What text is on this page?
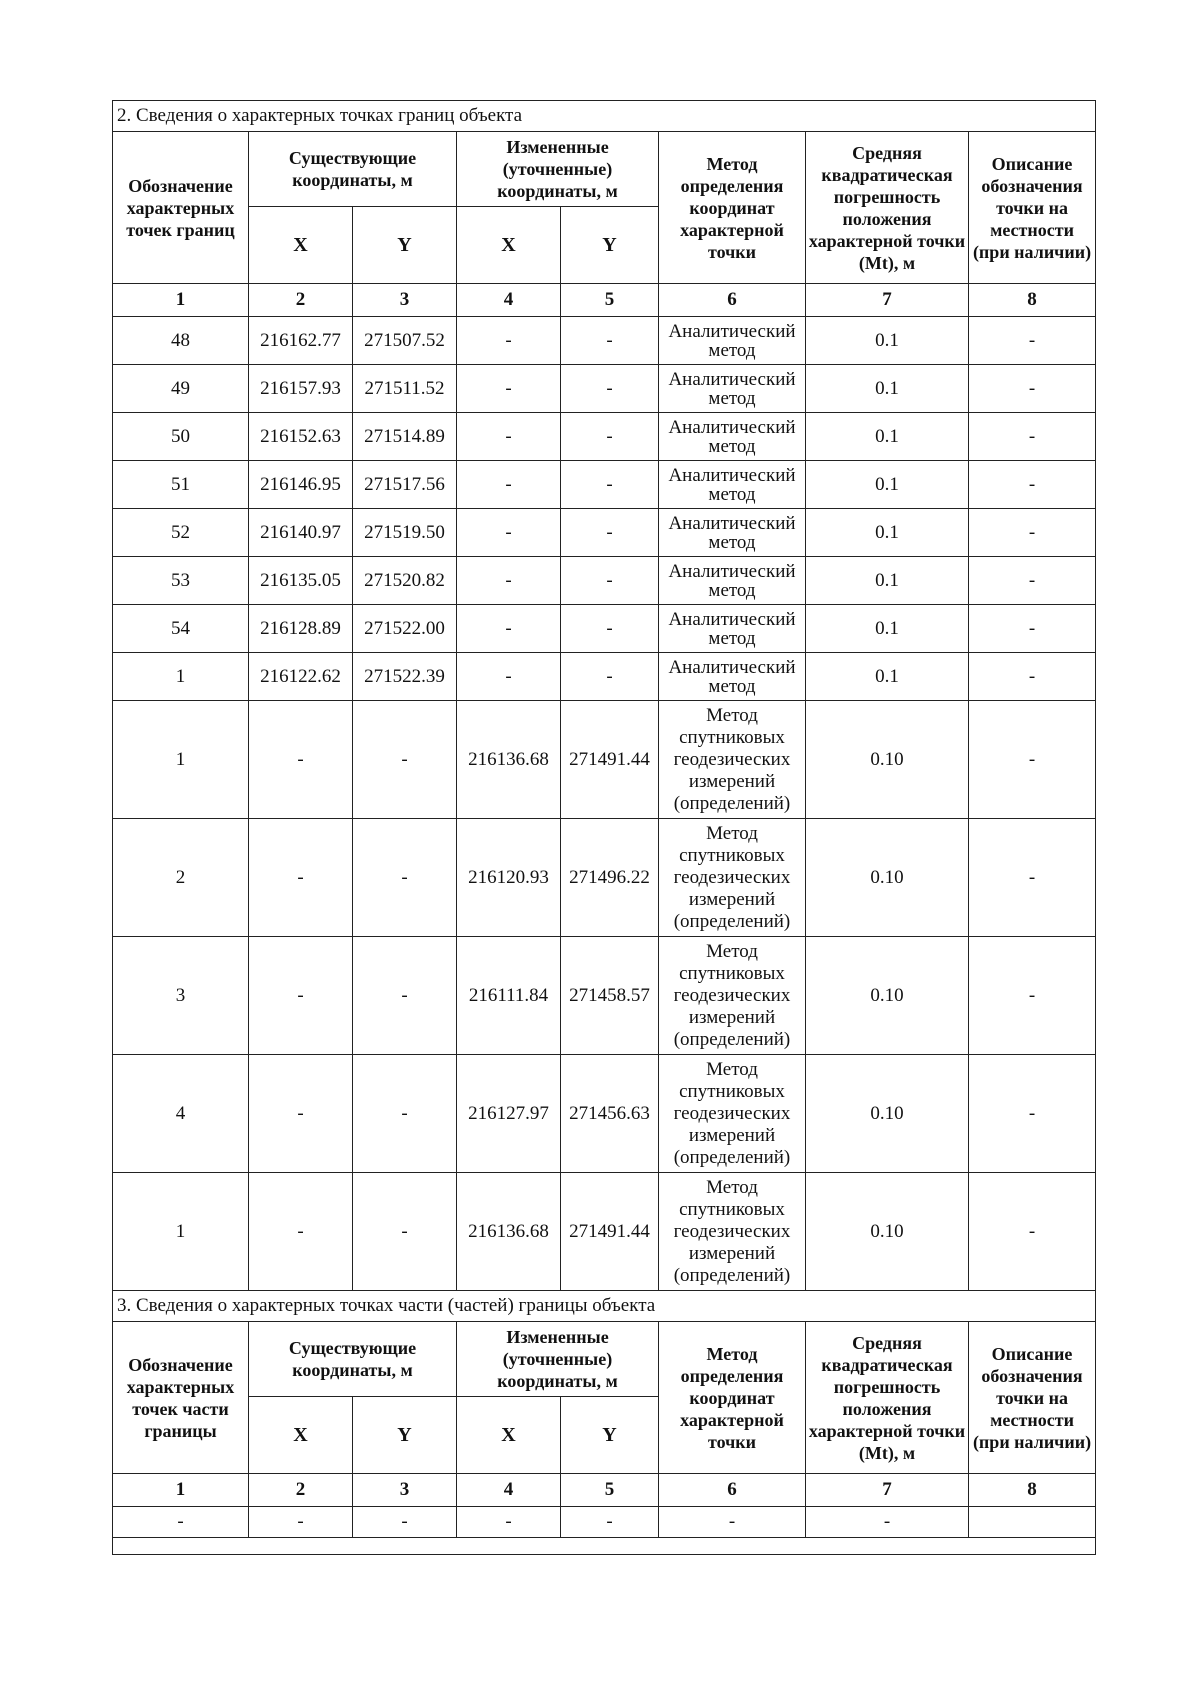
2. Сведения о характерных точках границ объекта							
Обозначение характерных точек границ	Существующие координаты, м		Измененные (уточненные) координаты, м		Метод определения координат характерной точки	Средняя квадратическая погрешность положения характерной точки (Mt), м	Описание обозначения точки на местности (при наличии)
	X	Y	X	Y			
1	2	3	4	5	6	7	8
48	216162.77	271507.52	-	-	Аналитический метод	0.1	-
49	216157.93	271511.52	-	-	Аналитический метод	0.1	-
50	216152.63	271514.89	-	-	Аналитический метод	0.1	-
51	216146.95	271517.56	-	-	Аналитический метод	0.1	-
52	216140.97	271519.50	-	-	Аналитический метод	0.1	-
53	216135.05	271520.82	-	-	Аналитический метод	0.1	-
54	216128.89	271522.00	-	-	Аналитический метод	0.1	-
1	216122.62	271522.39	-	-	Аналитический метод	0.1	-
1	-	-	216136.68	271491.44	Метод спутниковых геодезических измерений (определений)	0.10	-
2	-	-	216120.93	271496.22	Метод спутниковых геодезических измерений (определений)	0.10	-
3	-	-	216111.84	271458.57	Метод спутниковых геодезических измерений (определений)	0.10	-
4	-	-	216127.97	271456.63	Метод спутниковых геодезических измерений (определений)	0.10	-
1	-	-	216136.68	271491.44	Метод спутниковых геодезических измерений (определений)	0.10	-
3. Сведения о характерных точках части (частей) границы объекта							
Обозначение характерных точек части границы	Существующие координаты, м		Измененные (уточненные) координаты, м		Метод определения координат характерной точки	Средняя квадратическая погрешность положения характерной точки (Mt), м	Описание обозначения точки на местности (при наличии)
	X	Y	X	Y			
1	2	3	4	5	6	7	8
-	-	-	-	-	-	-	
